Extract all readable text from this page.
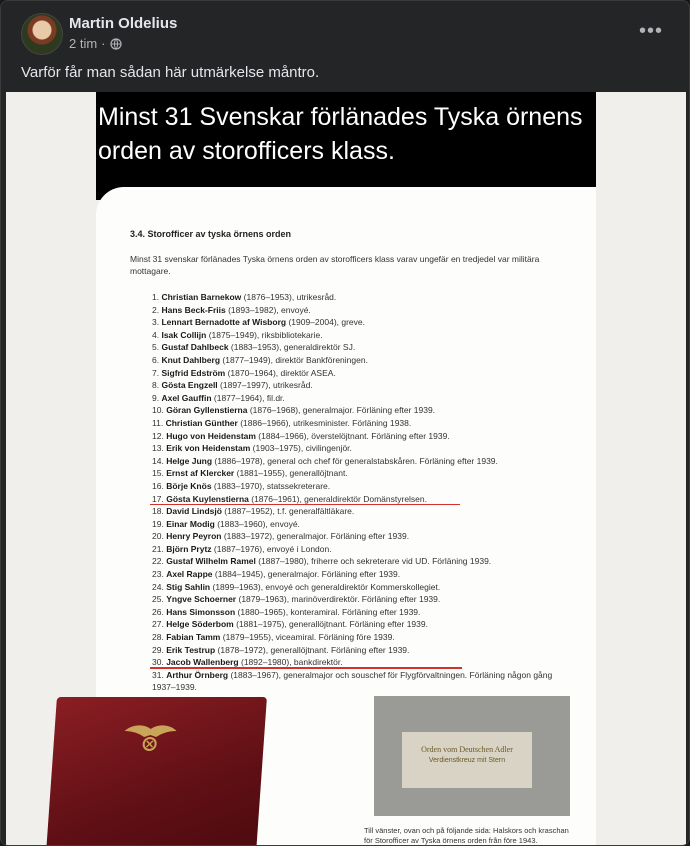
Martin Oldelius
2 tim ·
•••
Varför får man sådan här utmärkelse måntro.
Minst 31 Svenskar förlänades Tyska örnens orden av storofficers klass.
3.4. Storofficer av tyska örnens orden
Minst 31 svenskar förlänades Tyska örnens orden av storofficers klass varav ungefär en tredjedel var militära mottagare.
1. Christian Barnekow (1876–1953), utrikesråd.
2. Hans Beck-Friis (1893–1982), envoyé.
3. Lennart Bernadotte af Wisborg (1909–2004), greve.
4. Isak Collijn (1875–1949), riksbibliotekarie.
5. Gustaf Dahlbeck (1883–1953), generaldirektör SJ.
6. Knut Dahlberg (1877–1949), direktör Bankföreningen.
7. Sigfrid Edström (1870–1964), direktör ASEA.
8. Gösta Engzell (1897–1997), utrikesråd.
9. Axel Gauffin (1877–1964), fil.dr.
10. Göran Gyllenstierna (1876–1968), generalmajor. Förläning efter 1939.
11. Christian Günther (1886–1966), utrikesminister. Förläning 1938.
12. Hugo von Heidenstam (1884–1966), överstelöjtnant. Förläning efter 1939.
13. Erik von Heidenstam (1903–1975), civilingenjör.
14. Helge Jung (1886–1978), general och chef för generalstabskåren. Förläning efter 1939.
15. Ernst af Klercker (1881–1955), generallöjtnant.
16. Börje Knös (1883–1970), statssekreterare.
17. Gösta Kuylenstierna (1876–1961), generaldirektör Domänstyrelsen.
18. David Lindsjö (1887–1952), t.f. generalfältläkare.
19. Einar Modig (1883–1960), envoyé.
20. Henry Peyron (1883–1972), generalmajor. Förläning efter 1939.
21. Björn Prytz (1887–1976), envoyé i London.
22. Gustaf Wilhelm Ramel (1887–1980), friherre och sekreterare vid UD. Förläning 1939.
23. Axel Rappe (1884–1945), generalmajor. Förläning efter 1939.
24. Stig Sahlin (1899–1963), envoyé och generaldirektör Kommerskollegiet.
25. Yngve Schoerner (1879–1963), marinöverdirektör. Förläning efter 1939.
26. Hans Simonsson (1880–1965), konteramiral. Förläning efter 1939.
27. Helge Söderbom (1881–1975), generallöjtnant. Förläning efter 1939.
28. Fabian Tamm (1879–1955), viceamiral. Förläning före 1939.
29. Erik Testrup (1878–1972), generallöjtnant. Förläning efter 1939.
30. Jacob Wallenberg (1892–1980), bankdirektör.
31. Arthur Örnberg (1883–1967), generalmajor och souschef för Flygförvaltningen. Förläning någon gång 1937–1939.
Orden vom Deutschen Adler
Verdienstkreuz mit Stern
Till vänster, ovan och på följande sida: Halskors och kraschan för Storofficer av Tyska örnens orden från före 1943.
